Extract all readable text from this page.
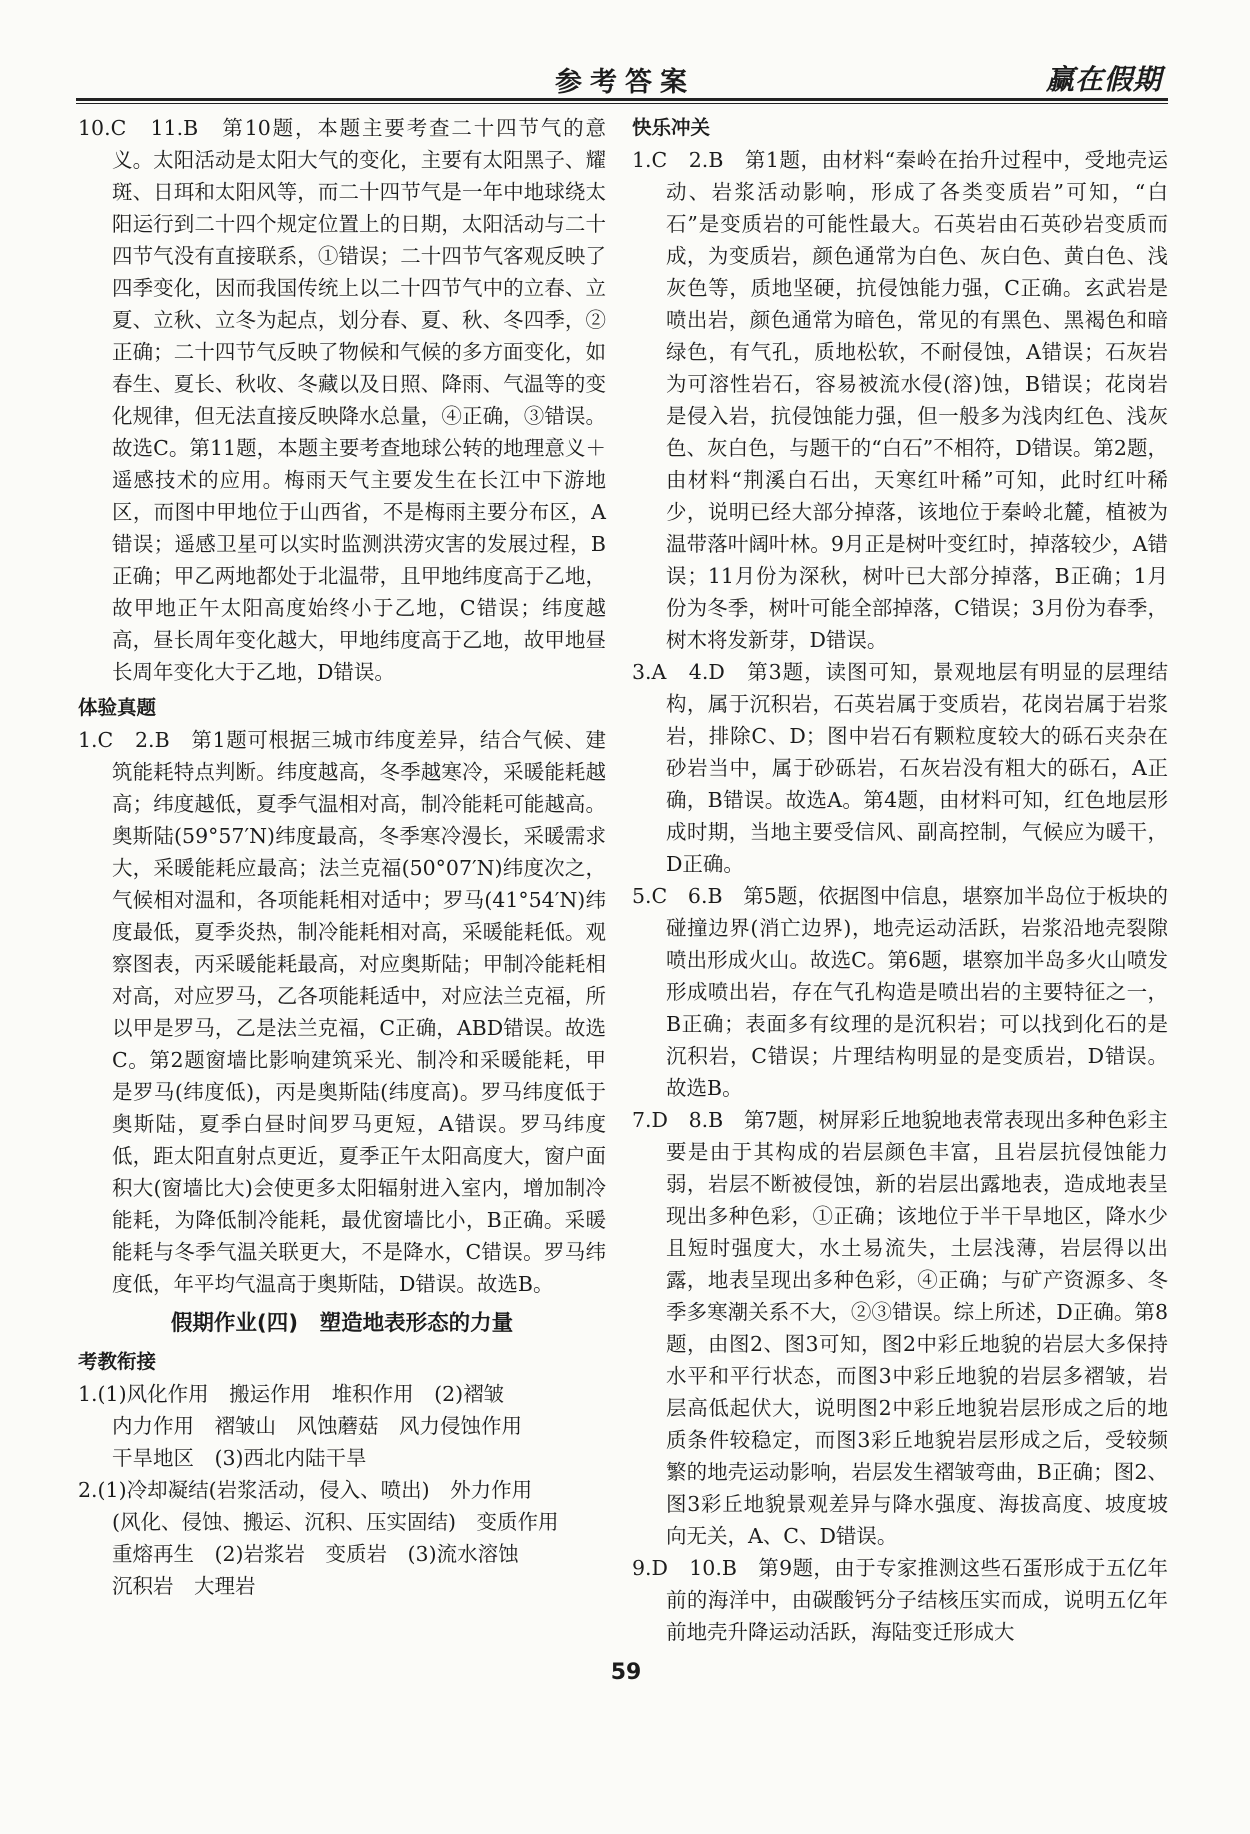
参考答案	赢在假期

10.C　11.B　第10题，本题主要考查二十四节气的意义。太阳活动是太阳大气的变化，主要有太阳黑子、耀斑、日珥和太阳风等，而二十四节气是一年中地球绕太阳运行到二十四个规定位置上的日期，太阳活动与二十四节气没有直接联系，①错误；二十四节气客观反映了四季变化，因而我国传统上以二十四节气中的立春、立夏、立秋、立冬为起点，划分春、夏、秋、冬四季，②正确；二十四节气反映了物候和气候的多方面变化，如春生、夏长、秋收、冬藏以及日照、降雨、气温等的变化规律，但无法直接反映降水总量，④正确，③错误。故选C。第11题，本题主要考查地球公转的地理意义＋遥感技术的应用。梅雨天气主要发生在长江中下游地区，而图中甲地位于山西省，不是梅雨主要分布区，A错误；遥感卫星可以实时监测洪涝灾害的发展过程，B正确；甲乙两地都处于北温带，且甲地纬度高于乙地，故甲地正午太阳高度始终小于乙地，C错误；纬度越高，昼长周年变化越大，甲地纬度高于乙地，故甲地昼长周年变化大于乙地，D错误。

体验真题

1.C　2.B　第1题可根据三城市纬度差异，结合气候、建筑能耗特点判断。纬度越高，冬季越寒冷，采暖能耗越高；纬度越低，夏季气温相对高，制冷能耗可能越高。奥斯陆(59°57′N)纬度最高，冬季寒冷漫长，采暖需求大，采暖能耗应最高；法兰克福(50°07′N)纬度次之，气候相对温和，各项能耗相对适中；罗马(41°54′N)纬度最低，夏季炎热，制冷能耗相对高，采暖能耗低。观察图表，丙采暖能耗最高，对应奥斯陆；甲制冷能耗相对高，对应罗马，乙各项能耗适中，对应法兰克福，所以甲是罗马，乙是法兰克福，C正确，ABD错误。故选C。第2题窗墙比影响建筑采光、制冷和采暖能耗，甲是罗马(纬度低)，丙是奥斯陆(纬度高)。罗马纬度低于奥斯陆，夏季白昼时间罗马更短，A错误。罗马纬度低，距太阳直射点更近，夏季正午太阳高度大，窗户面积大(窗墙比大)会使更多太阳辐射进入室内，增加制冷能耗，为降低制冷能耗，最优窗墙比小，B正确。采暖能耗与冬季气温关联更大，不是降水，C错误。罗马纬度低，年平均气温高于奥斯陆，D错误。故选B。

假期作业(四)　塑造地表形态的力量
考教衔接
1.(1)风化作用　搬运作用　堆积作用　(2)褶皱
内力作用　褶皱山　风蚀蘑菇　风力侵蚀作用
干旱地区　(3)西北内陆干旱
2.(1)冷却凝结(岩浆活动，侵入、喷出)　外力作用
(风化、侵蚀、搬运、沉积、压实固结)　变质作用
重熔再生　(2)岩浆岩　变质岩　(3)流水溶蚀
沉积岩　大理岩
快乐冲关

1.C　2.B　第1题，由材料“秦岭在抬升过程中，受地壳运动、岩浆活动影响，形成了各类变质岩”可知，“白石”是变质岩的可能性最大。石英岩由石英砂岩变质而成，为变质岩，颜色通常为白色、灰白色、黄白色、浅灰色等，质地坚硬，抗侵蚀能力强，C正确。玄武岩是喷出岩，颜色通常为暗色，常见的有黑色、黑褐色和暗绿色，有气孔，质地松软，不耐侵蚀，A错误；石灰岩为可溶性岩石，容易被流水侵(溶)蚀，B错误；花岗岩是侵入岩，抗侵蚀能力强，但一般多为浅肉红色、浅灰色、灰白色，与题干的“白石”不相符，D错误。第2题，由材料“荆溪白石出，天寒红叶稀”可知，此时红叶稀少，说明已经大部分掉落，该地位于秦岭北麓，植被为温带落叶阔叶林。9月正是树叶变红时，掉落较少，A错误；11月份为深秋，树叶已大部分掉落，B正确；1月份为冬季，树叶可能全部掉落，C错误；3月份为春季，树木将发新芽，D错误。

3.A　4.D　第3题，读图可知，景观地层有明显的层理结构，属于沉积岩，石英岩属于变质岩，花岗岩属于岩浆岩，排除C、D；图中岩石有颗粒度较大的砾石夹杂在砂岩当中，属于砂砾岩，石灰岩没有粗大的砾石，A正确，B错误。故选A。第4题，由材料可知，红色地层形成时期，当地主要受信风、副高控制，气候应为暖干，D正确。

5.C　6.B　第5题，依据图中信息，堪察加半岛位于板块的碰撞边界(消亡边界)，地壳运动活跃，岩浆沿地壳裂隙喷出形成火山。故选C。第6题，堪察加半岛多火山喷发形成喷出岩，存在气孔构造是喷出岩的主要特征之一，B正确；表面多有纹理的是沉积岩；可以找到化石的是沉积岩，C错误；片理结构明显的是变质岩，D错误。故选B。

7.D　8.B　第7题，树屏彩丘地貌地表常表现出多种色彩主要是由于其构成的岩层颜色丰富，且岩层抗侵蚀能力弱，岩层不断被侵蚀，新的岩层出露地表，造成地表呈现出多种色彩，①正确；该地位于半干旱地区，降水少且短时强度大，水土易流失，土层浅薄，岩层得以出露，地表呈现出多种色彩，④正确；与矿产资源多、冬季多寒潮关系不大，②③错误。综上所述，D正确。第8题，由图2、图3可知，图2中彩丘地貌的岩层大多保持水平和平行状态，而图3中彩丘地貌的岩层多褶皱，岩层高低起伏大，说明图2中彩丘地貌岩层形成之后的地质条件较稳定，而图3彩丘地貌岩层形成之后，受较频繁的地壳运动影响，岩层发生褶皱弯曲，B正确；图2、图3彩丘地貌景观差异与降水强度、海拔高度、坡度坡向无关，A、C、D错误。

9.D　10.B　第9题，由于专家推测这些石蛋形成于五亿年前的海洋中，由碳酸钙分子结核压实而成，说明五亿年前地壳升降运动活跃，海陆变迁形成大

59
